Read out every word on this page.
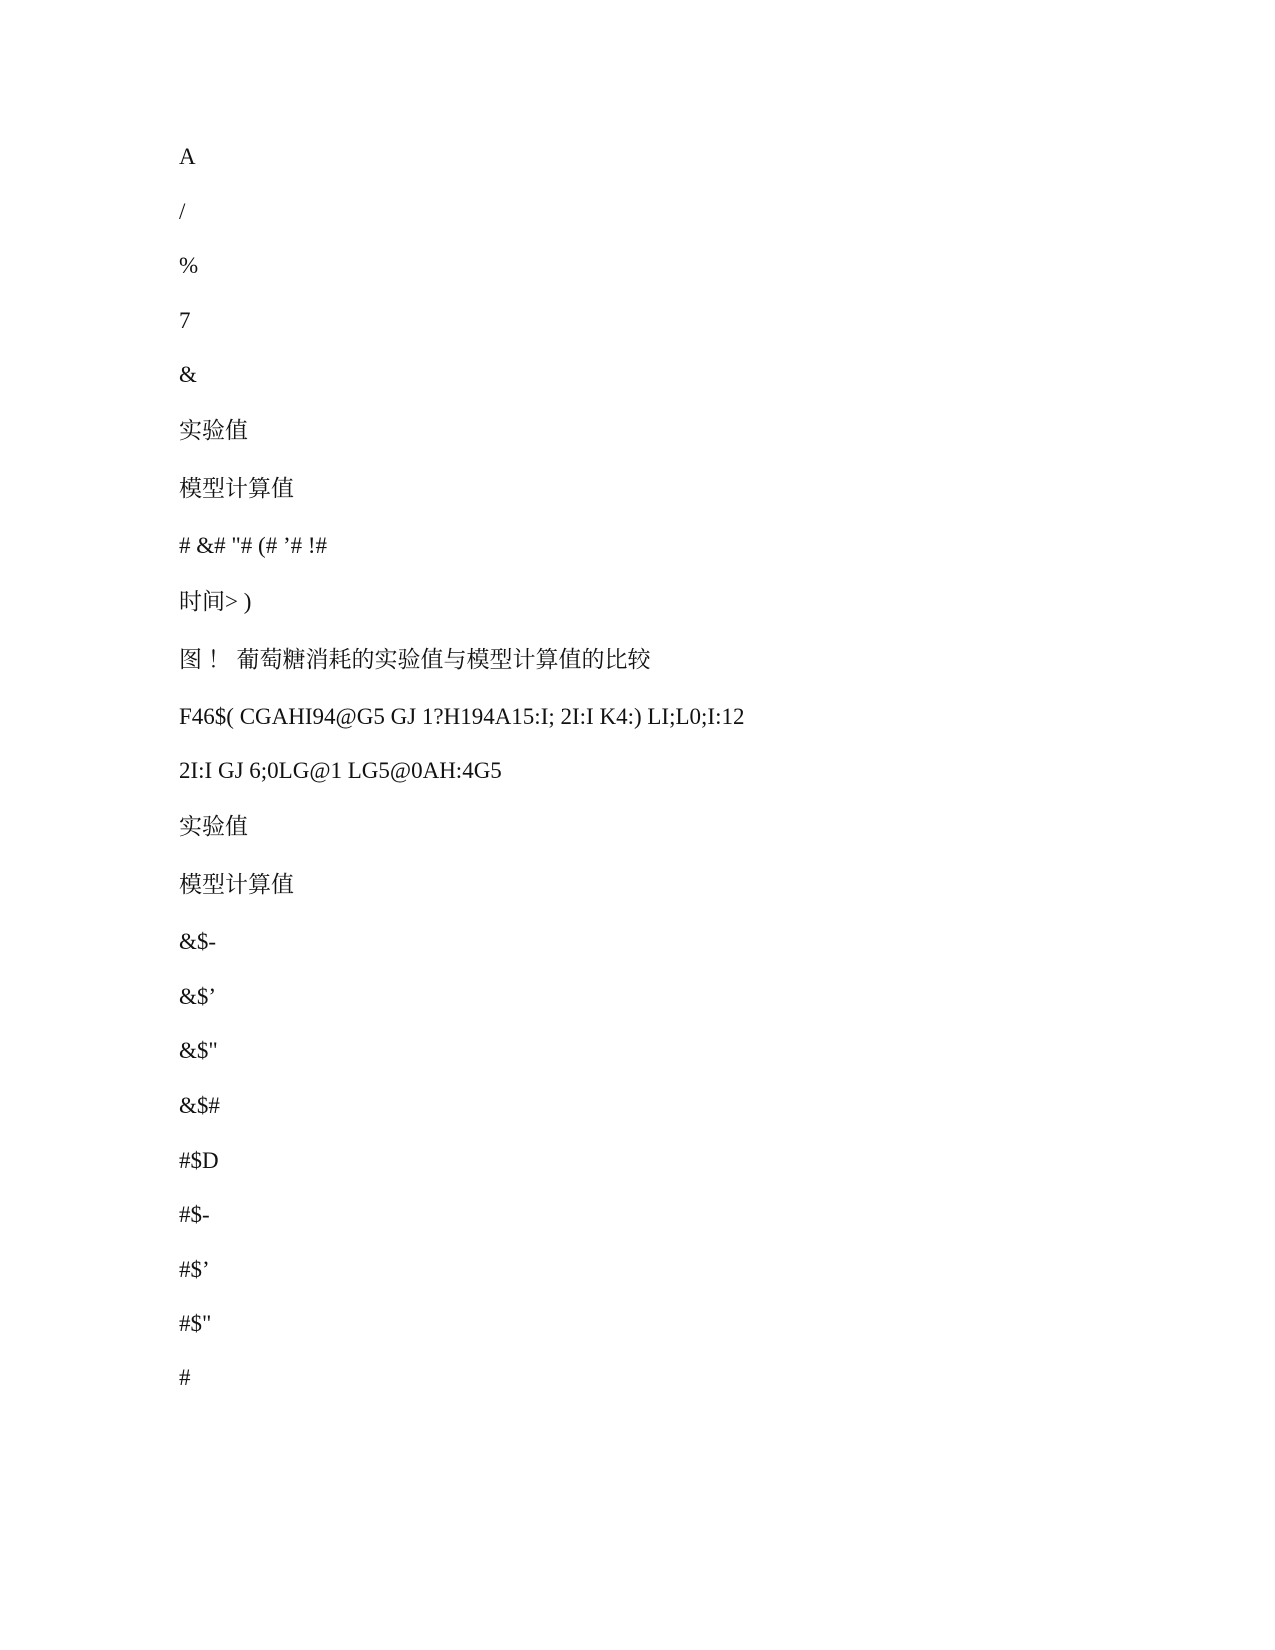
A

/

%

7

&

实验值

模型计算值

# &# "# (# ’# !#

时间> )

图 ！ 葡萄糖消耗的实验值与模型计算值的比较

F46$( CGAHI94@G5 GJ 1?H194A15:I; 2I:I K4:) LI;L0;I:12

2I:I GJ 6;0LG@1 LG5@0AH:4G5

实验值

模型计算值

&$-

&$’

&$"

&$#

#$D

#$-

#$’

#$"

#
